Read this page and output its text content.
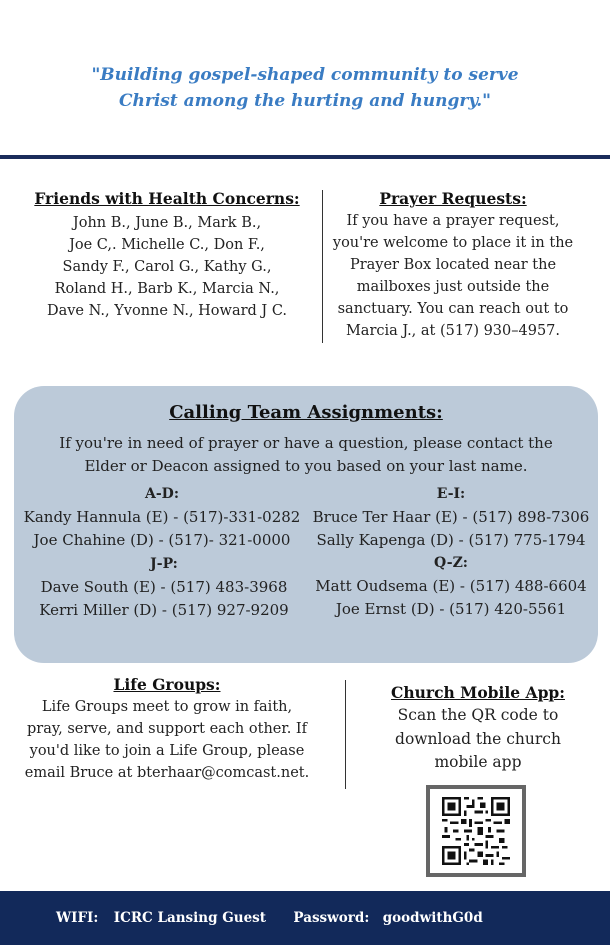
"Building gospel-shaped community to serve
Christ among the hurting and hungry."
Friends with Health Concerns:
John B., June B., Mark B.,
Joe C,. Michelle C., Don F.,
Sandy F., Carol G., Kathy G.,
Roland H., Barb K., Marcia N.,
Dave N., Yvonne N., Howard J C.
Prayer Requests:
If you have a prayer request,
you're welcome to place it in the
Prayer Box located near the
mailboxes just outside the
sanctuary. You can reach out to
Marcia J., at (517) 930–4957.
Calling Team Assignments:
If you're in need of prayer or have a question, please contact the
Elder or Deacon assigned to you based on your last name.
A-D:
Kandy Hannula (E) - (517)-331-0282
Joe Chahine (D) - (517)- 321-0000
E-I:
Bruce Ter Haar (E) - (517) 898-7306
Sally Kapenga (D) - (517) 775-1794
J-P:
Dave South (E) - (517) 483-3968
Kerri Miller (D) - (517) 927-9209
Q-Z:
Matt Oudsema (E) - (517) 488-6604
Joe Ernst (D) - (517) 420-5561
Life Groups:
Life Groups meet to grow in faith,
pray, serve, and support each other. If
you'd like to join a Life Group, please
email Bruce at bterhaar@comcast.net.
Church Mobile App:
Scan the QR code to
download the church
mobile app
WIFI: ICRC Lansing Guest Password: goodwithG0d
